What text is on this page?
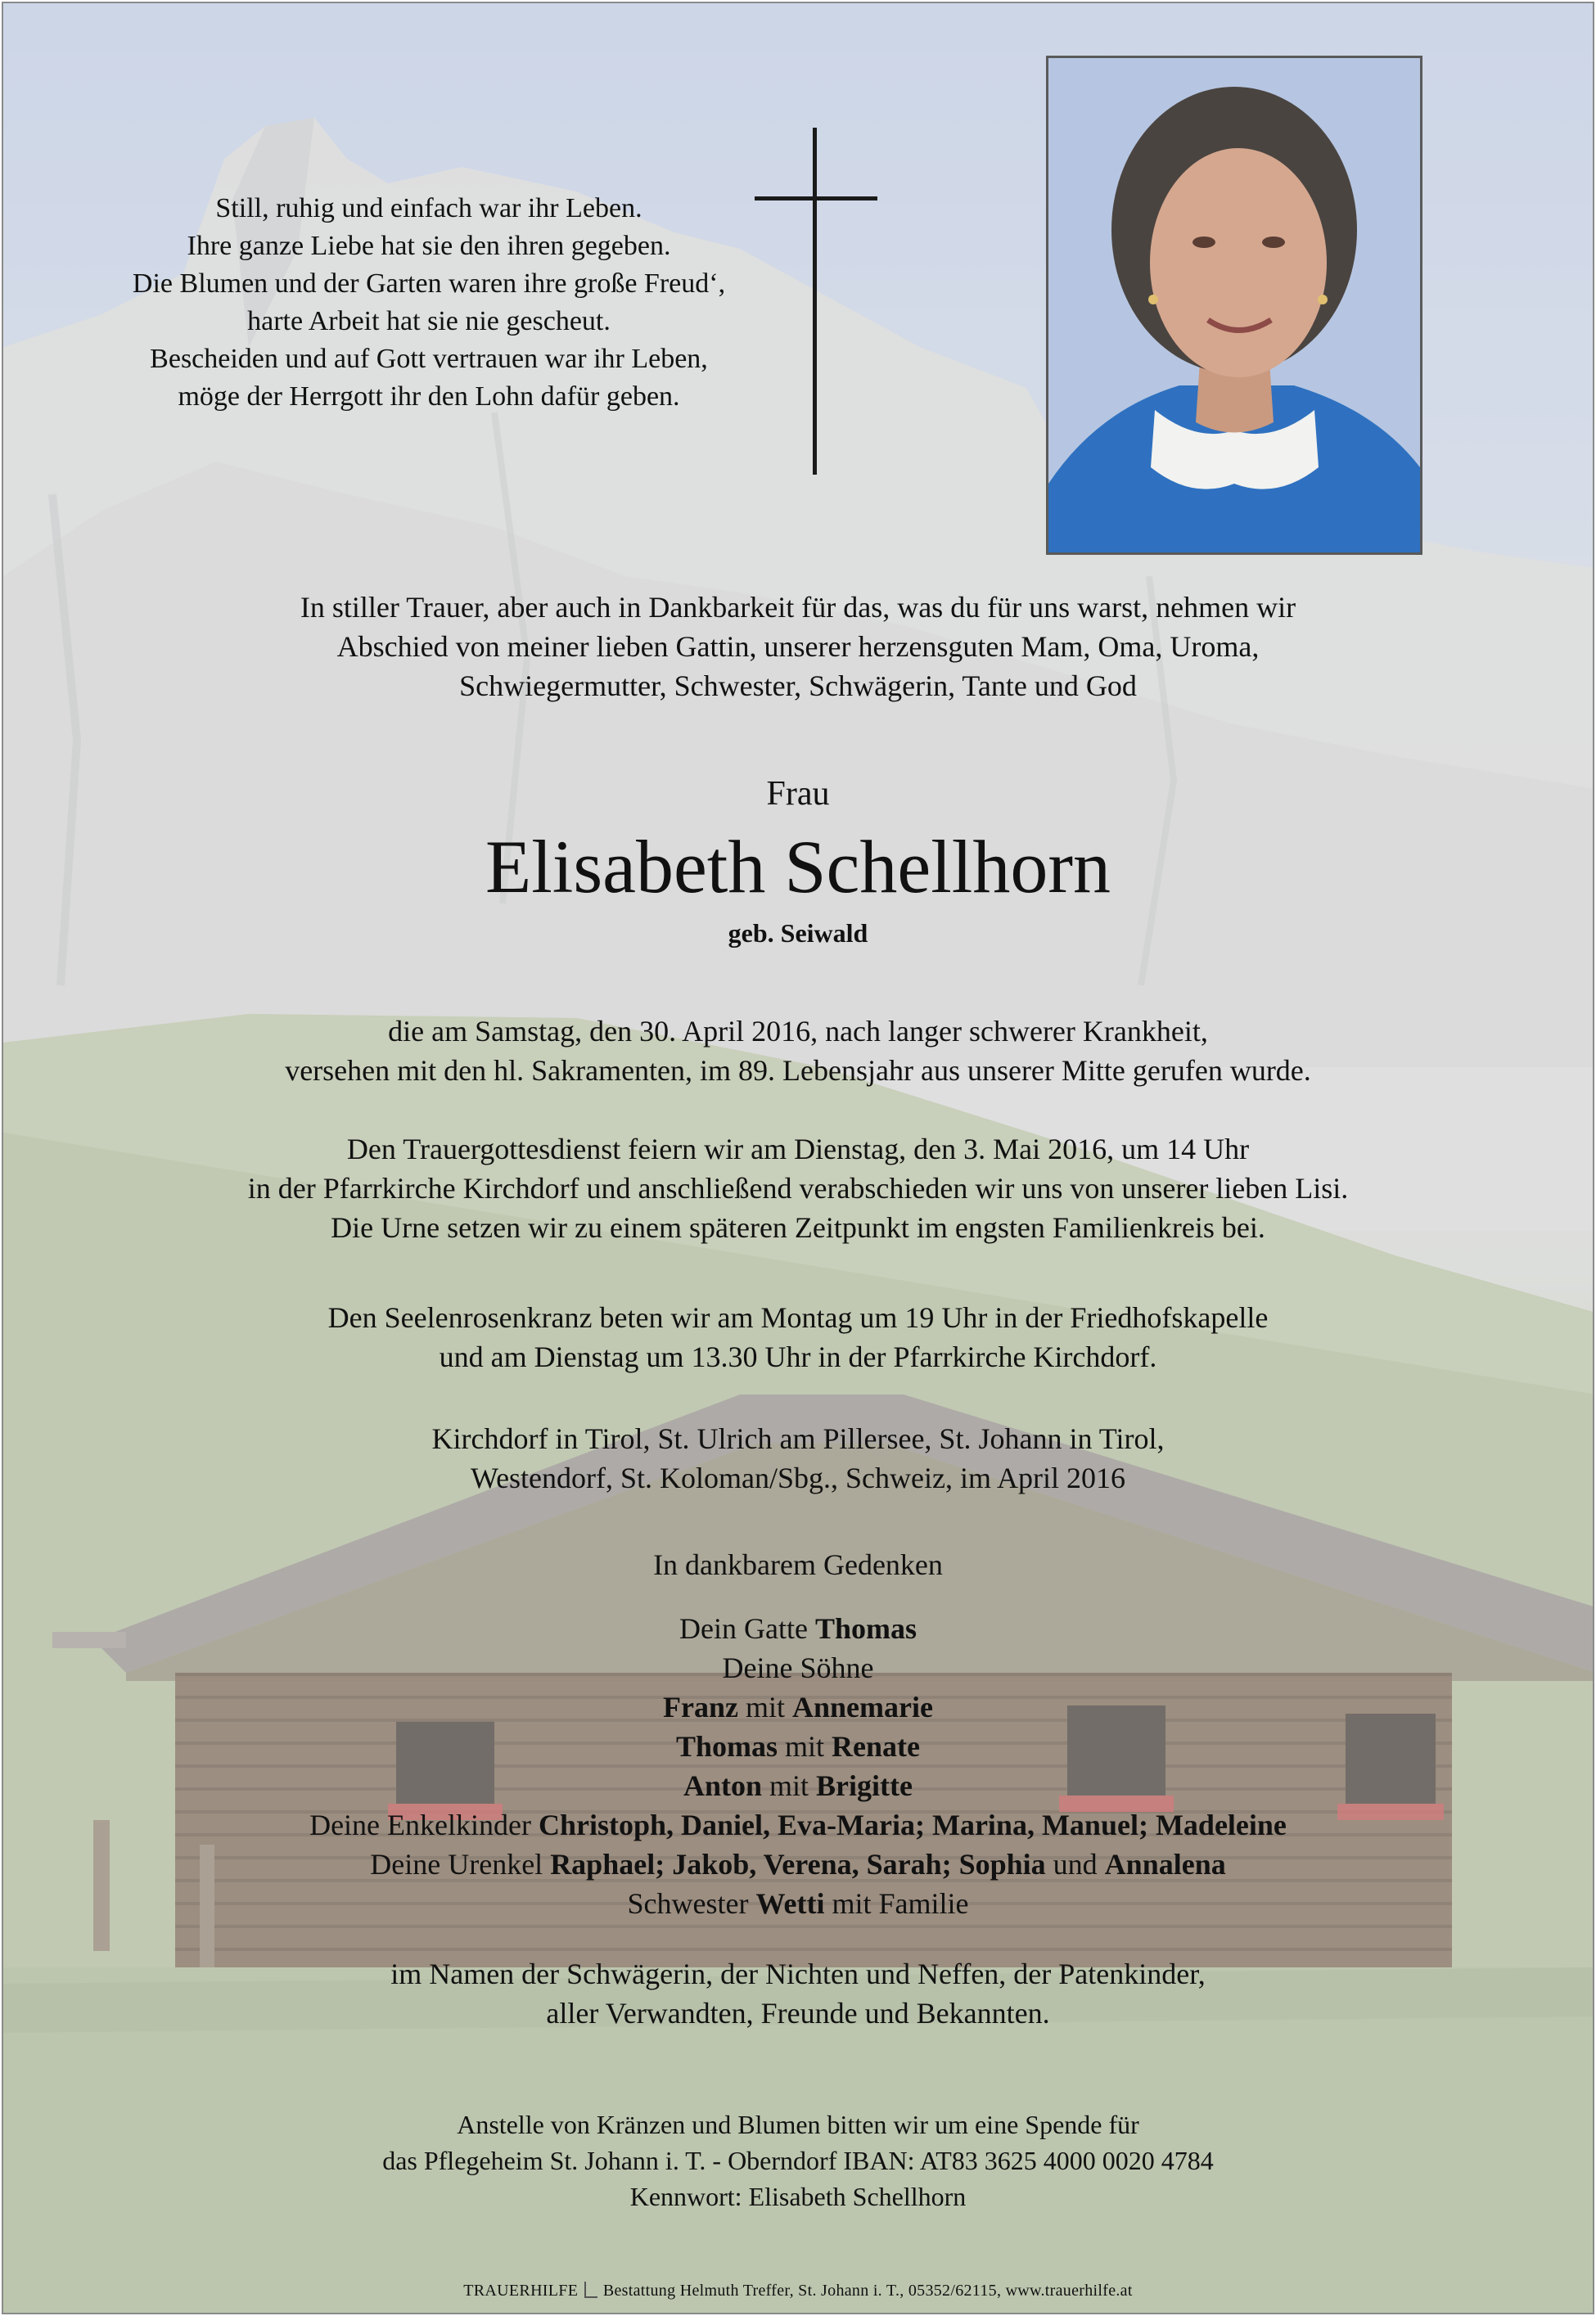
Still, ruhig und einfach war ihr Leben.
Ihre ganze Liebe hat sie den ihren gegeben.
Die Blumen und der Garten waren ihre große Freud‘,
harte Arbeit hat sie nie gescheut.
Bescheiden und auf Gott vertrauen war ihr Leben,
möge der Herrgott ihr den Lohn dafür geben.
In stiller Trauer, aber auch in Dankbarkeit für das, was du für uns warst, nehmen wir
Abschied von meiner lieben Gattin, unserer herzensguten Mam, Oma, Uroma,
Schwiegermutter, Schwester, Schwägerin, Tante und God
Frau
Elisabeth Schellhorn
geb. Seiwald
die am Samstag, den 30. April 2016, nach langer schwerer Krankheit,
versehen mit den hl. Sakramenten, im 89. Lebensjahr aus unserer Mitte gerufen wurde.
Den Trauergottesdienst feiern wir am Dienstag, den 3. Mai 2016, um 14 Uhr
in der Pfarrkirche Kirchdorf und anschließend verabschieden wir uns von unserer lieben Lisi.
Die Urne setzen wir zu einem späteren Zeitpunkt im engsten Familienkreis bei.
Den Seelenrosenkranz beten wir am Montag um 19 Uhr in der Friedhofskapelle
und am Dienstag um 13.30 Uhr in der Pfarrkirche Kirchdorf.
Kirchdorf in Tirol, St. Ulrich am Pillersee, St. Johann in Tirol,
Westendorf, St. Koloman/Sbg., Schweiz, im April 2016
In dankbarem Gedenken
Dein Gatte Thomas
Deine Söhne
Franz mit Annemarie
Thomas mit Renate
Anton mit Brigitte
Deine Enkelkinder Christoph, Daniel, Eva-Maria; Marina, Manuel; Madeleine
Deine Urenkel Raphael; Jakob, Verena, Sarah; Sophia und Annalena
Schwester Wetti mit Familie
im Namen der Schwägerin, der Nichten und Neffen, der Patenkinder,
aller Verwandten, Freunde und Bekannten.
Anstelle von Kränzen und Blumen bitten wir um eine Spende für
das Pflegeheim St. Johann i. T. - Oberndorf IBAN: AT83 3625 4000 0020 4784
Kennwort: Elisabeth Schellhorn
TRAUERHILFE Bestattung Helmuth Treffer, St. Johann i. T., 05352/62115, www.trauerhilfe.at
